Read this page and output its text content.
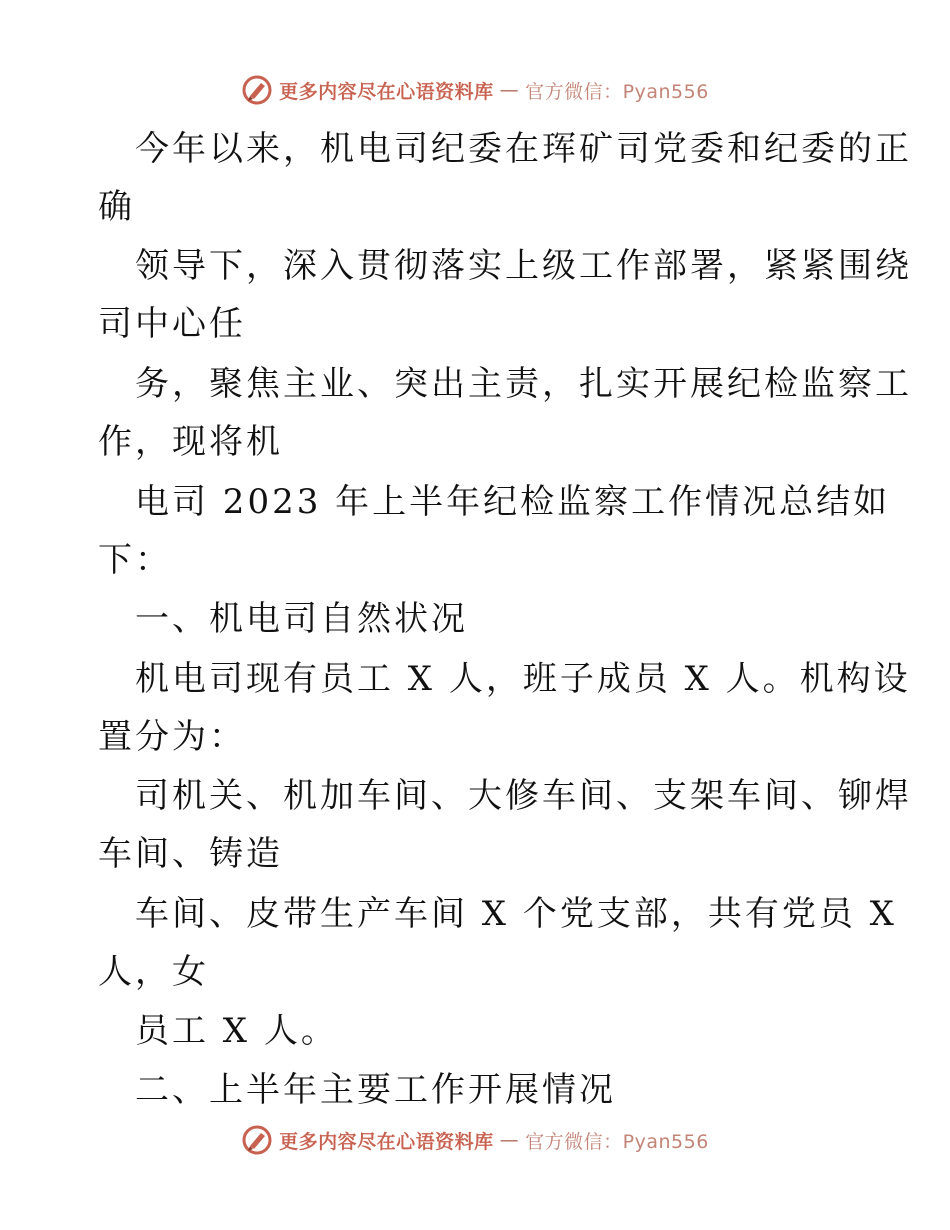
更多内容尽在心语资料库 — 官方微信：Pyan556
今年以来，机电司纪委在珲矿司党委和纪委的正
确
领导下，深入贯彻落实上级工作部署，紧紧围绕
司中心任
务，聚焦主业、突出主责，扎实开展纪检监察工
作，现将机
电司 2023 年上半年纪检监察工作情况总结如
下：
一、机电司自然状况
机电司现有员工 X 人，班子成员 X 人。机构设
置分为：
司机关、机加车间、大修车间、支架车间、铆焊
车间、铸造
车间、皮带生产车间 X 个党支部，共有党员 X
人，女
员工 X 人。
二、上半年主要工作开展情况
更多内容尽在心语资料库 — 官方微信：Pyan556
